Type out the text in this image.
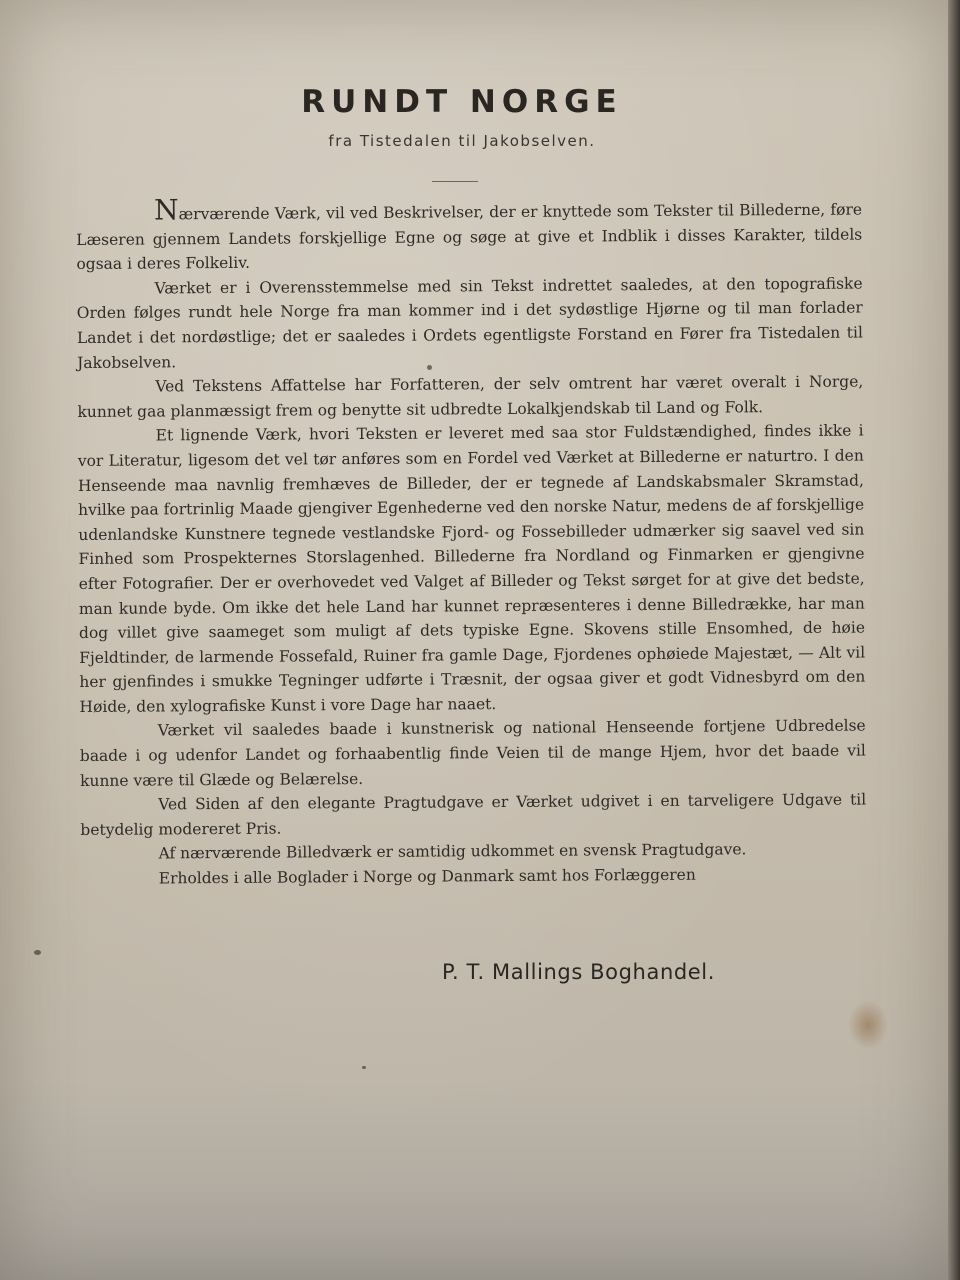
RUNDT NORGE
fra Tistedalen til Jakobselven.

Nærværende Værk, vil ved Beskrivelser, der er knyttede som Tekster til Billederne, føre Læseren gjennem Landets forskjellige Egne og søge at give et Indblik i disses Karakter, tildels ogsaa i deres Folkeliv.

Værket er i Overensstemmelse med sin Tekst indrettet saaledes, at den topografiske Orden følges rundt hele Norge fra man kommer ind i det sydøstlige Hjørne og til man forlader Landet i det nordøstlige; det er saaledes i Ordets egentligste Forstand en Fører fra Tistedalen til Jakobselven.

Ved Tekstens Affattelse har Forfatteren, der selv omtrent har været overalt i Norge, kunnet gaa planmæssigt frem og benytte sit udbredte Lokalkjendskab til Land og Folk.

Et lignende Værk, hvori Teksten er leveret med saa stor Fuldstændighed, findes ikke i vor Literatur, ligesom det vel tør anføres som en Fordel ved Værket at Billederne er naturtro. I den Henseende maa navnlig fremhæves de Billeder, der er tegnede af Landskabsmaler Skramstad, hvilke paa fortrinlig Maade gjengiver Egenhederne ved den norske Natur, medens de af forskjellige udenlandske Kunstnere tegnede vestlandske Fjord- og Fossebilleder udmærker sig saavel ved sin Finhed som Prospekternes Storslagenhed. Billederne fra Nordland og Finmarken er gjengivne efter Fotografier. Der er overhovedet ved Valget af Billeder og Tekst sørget for at give det bedste, man kunde byde. Om ikke det hele Land har kunnet repræsenteres i denne Billedrække, har man dog villet give saameget som muligt af dets typiske Egne. Skovens stille Ensomhed, de høie Fjeldtinder, de larmende Fossefald, Ruiner fra gamle Dage, Fjordenes ophøiede Majestæt, — Alt vil her gjenfindes i smukke Tegninger udførte i Træsnit, der ogsaa giver et godt Vidnesbyrd om den Høide, den xylografiske Kunst i vore Dage har naaet.

Værket vil saaledes baade i kunstnerisk og national Henseende fortjene Udbredelse baade i og udenfor Landet og forhaabentlig finde Veien til de mange Hjem, hvor det baade vil kunne være til Glæde og Belærelse.

Ved Siden af den elegante Pragtudgave er Værket udgivet i en tarveligere Udgave til betydelig modereret Pris.

Af nærværende Billedværk er samtidig udkommet en svensk Pragtudgave.

Erholdes i alle Boglader i Norge og Danmark samt hos Forlæggeren

P. T. Mallings Boghandel.
